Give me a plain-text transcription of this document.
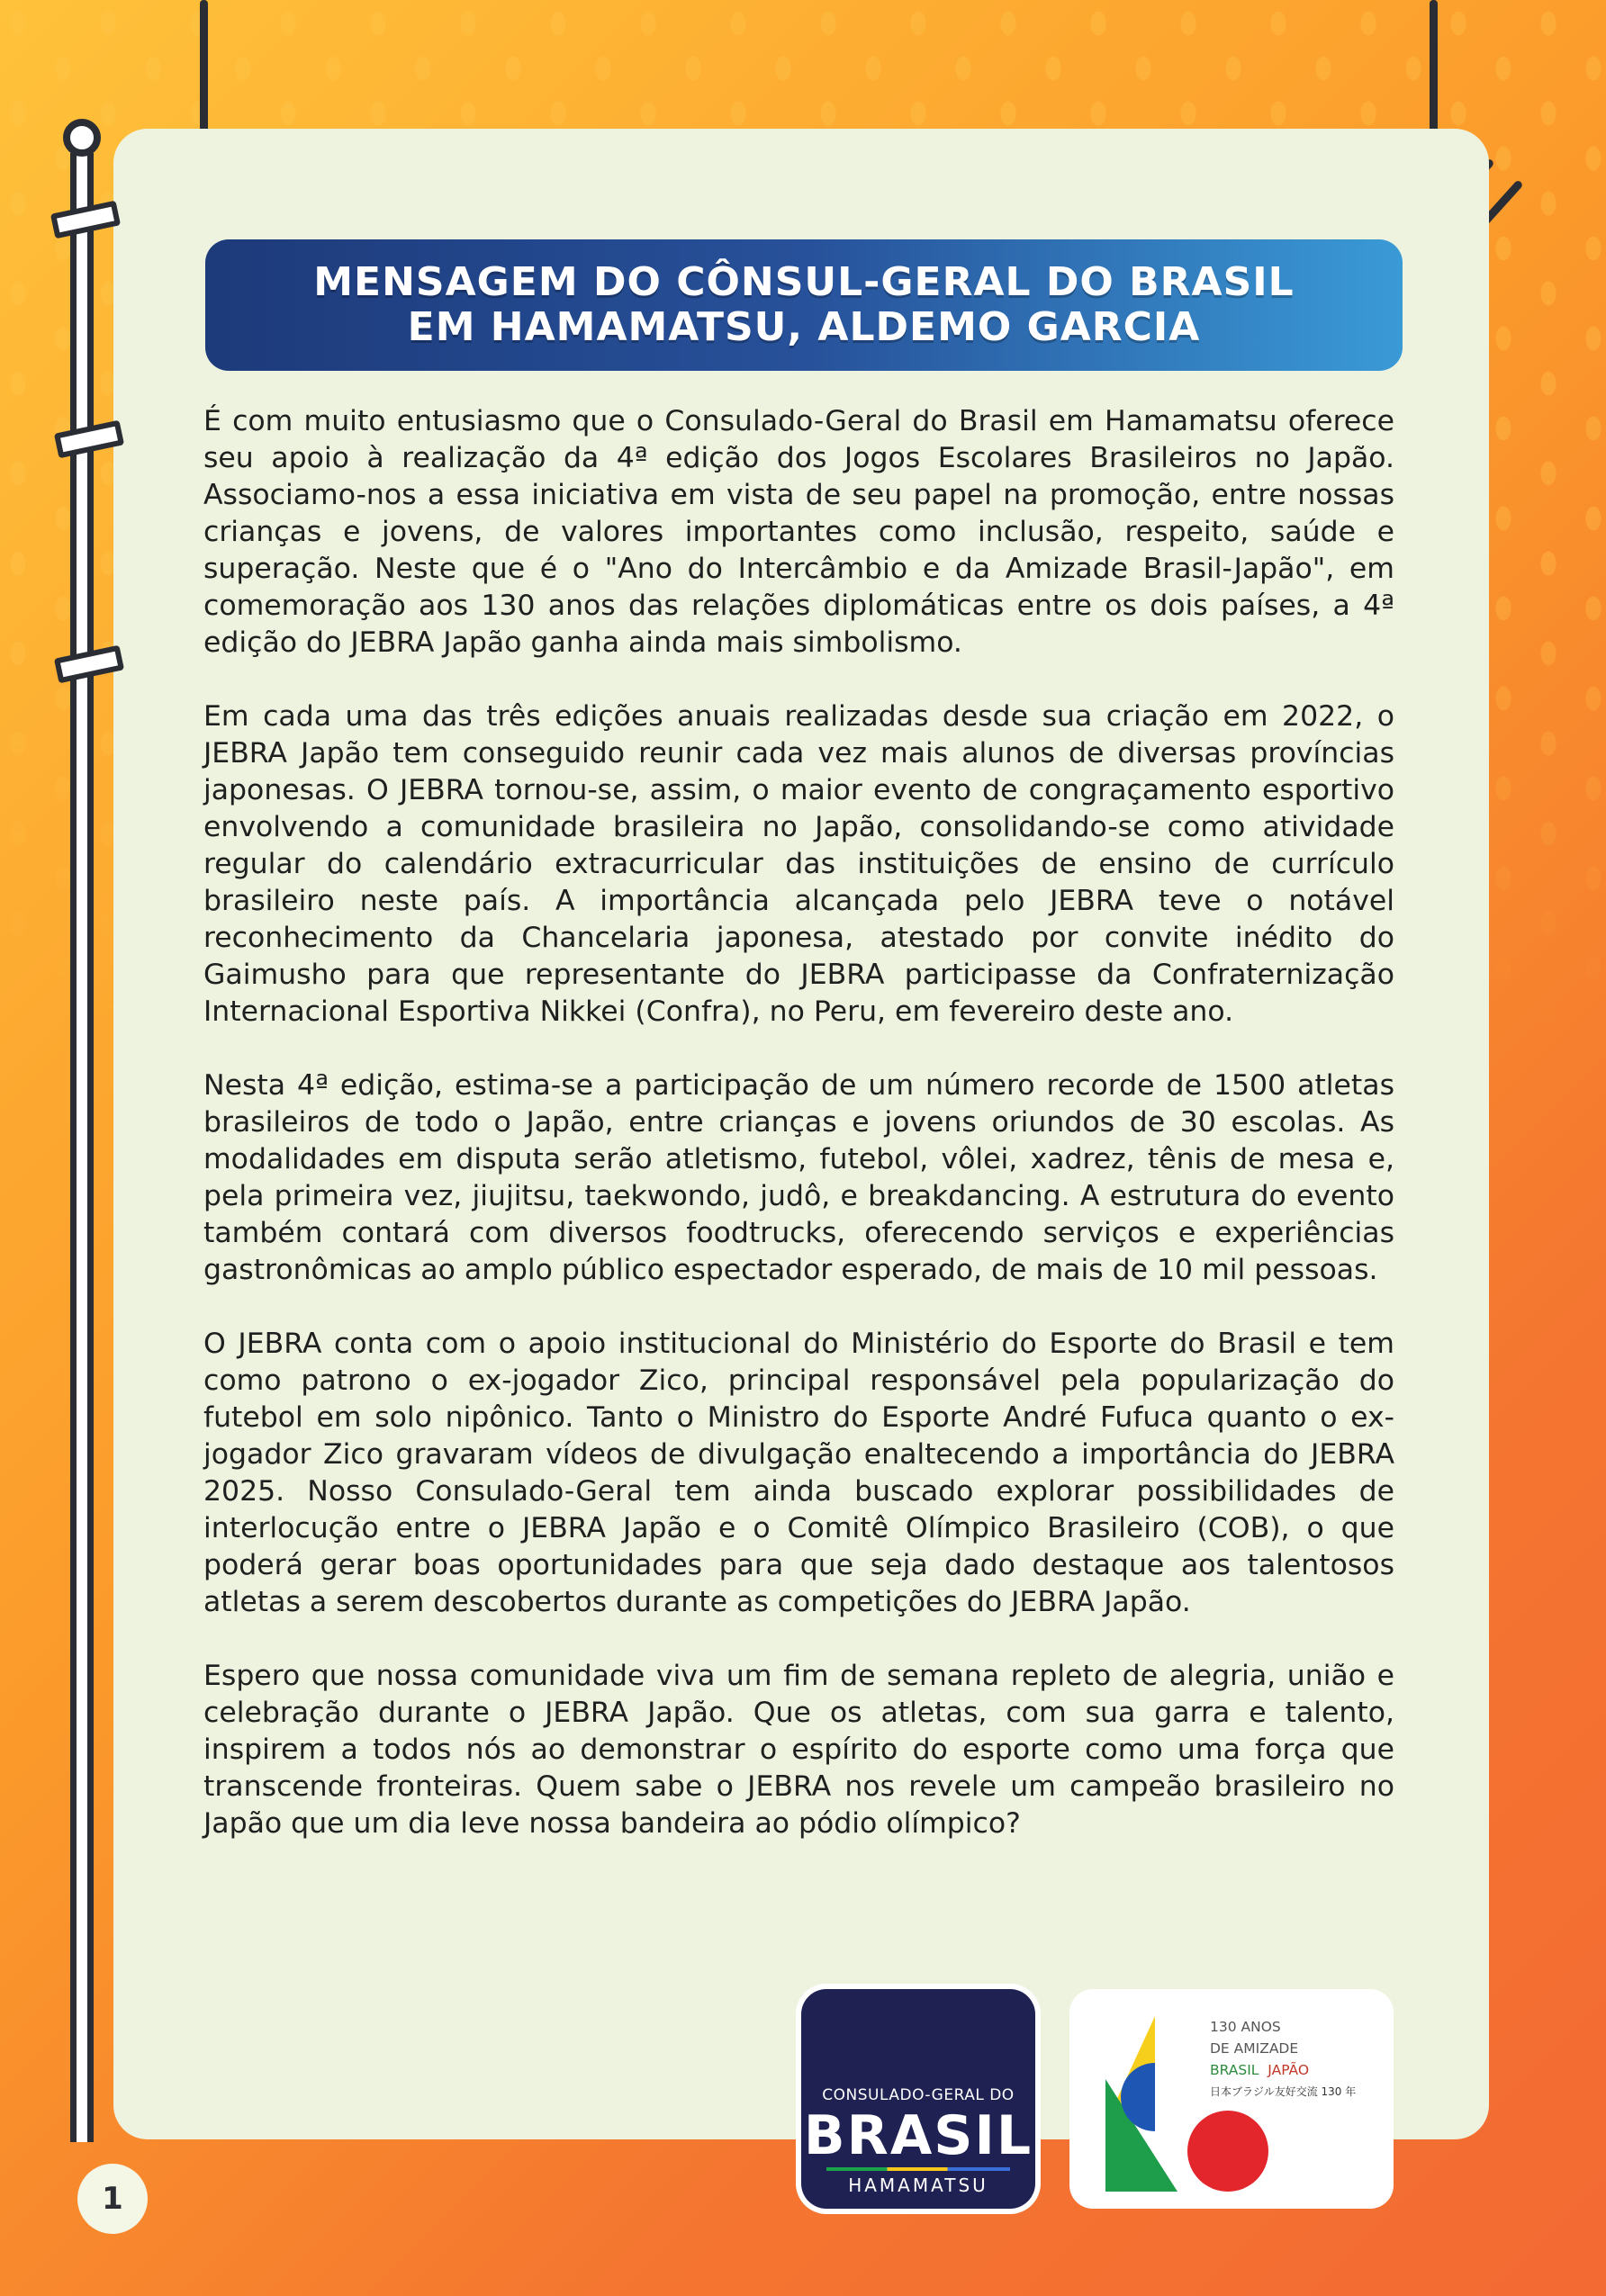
MENSAGEM DO CÔNSUL-GERAL DO BRASIL
EM HAMAMATSU, ALDEMO GARCIA

É com muito entusiasmo que o Consulado-Geral do Brasil em Hamamatsu oferece seu apoio à realização da 4ª edição dos Jogos Escolares Brasileiros no Japão. Associamo-nos a essa iniciativa em vista de seu papel na promoção, entre nossas crianças e jovens, de valores importantes como inclusão, respeito, saúde e superação. Neste que é o "Ano do Intercâmbio e da Amizade Brasil-Japão", em comemoração aos 130 anos das relações diplomáticas entre os dois países, a 4ª edição do JEBRA Japão ganha ainda mais simbolismo.

Em cada uma das três edições anuais realizadas desde sua criação em 2022, o JEBRA Japão tem conseguido reunir cada vez mais alunos de diversas províncias japonesas. O JEBRA tornou-se, assim, o maior evento de congraçamento esportivo envolvendo a comunidade brasileira no Japão, consolidando-se como atividade regular do calendário extracurricular das instituições de ensino de currículo brasileiro neste país. A importância alcançada pelo JEBRA teve o notável reconhecimento da Chancelaria japonesa, atestado por convite inédito do Gaimusho para que representante do JEBRA participasse da Confraternização Internacional Esportiva Nikkei (Confra), no Peru, em fevereiro deste ano.

Nesta 4ª edição, estima-se a participação de um número recorde de 1500 atletas brasileiros de todo o Japão, entre crianças e jovens oriundos de 30 escolas. As modalidades em disputa serão atletismo, futebol, vôlei, xadrez, tênis de mesa e, pela primeira vez, jiujitsu, taekwondo, judô, e breakdancing. A estrutura do evento também contará com diversos foodtrucks, oferecendo serviços e experiências gastronômicas ao amplo público espectador esperado, de mais de 10 mil pessoas.

O JEBRA conta com o apoio institucional do Ministério do Esporte do Brasil e tem como patrono o ex-jogador Zico, principal responsável pela popularização do futebol em solo nipônico. Tanto o Ministro do Esporte André Fufuca quanto o ex-jogador Zico gravaram vídeos de divulgação enaltecendo a importância do JEBRA 2025. Nosso Consulado-Geral tem ainda buscado explorar possibilidades de interlocução entre o JEBRA Japão e o Comitê Olímpico Brasileiro (COB), o que poderá gerar boas oportunidades para que seja dado destaque aos talentosos atletas a serem descobertos durante as competições do JEBRA Japão.

Espero que nossa comunidade viva um fim de semana repleto de alegria, união e celebração durante o JEBRA Japão. Que os atletas, com sua garra e talento, inspirem a todos nós ao demonstrar o espírito do esporte como uma força que transcende fronteiras. Quem sabe o JEBRA nos revele um campeão brasileiro no Japão que um dia leve nossa bandeira ao pódio olímpico?

CONSULADO-GERAL DO
BRASIL
HAMAMATSU
130 ANOS
DE AMIZADE
BRASIL JAPÃO
日本ブラジル友好交流 130 年
1
